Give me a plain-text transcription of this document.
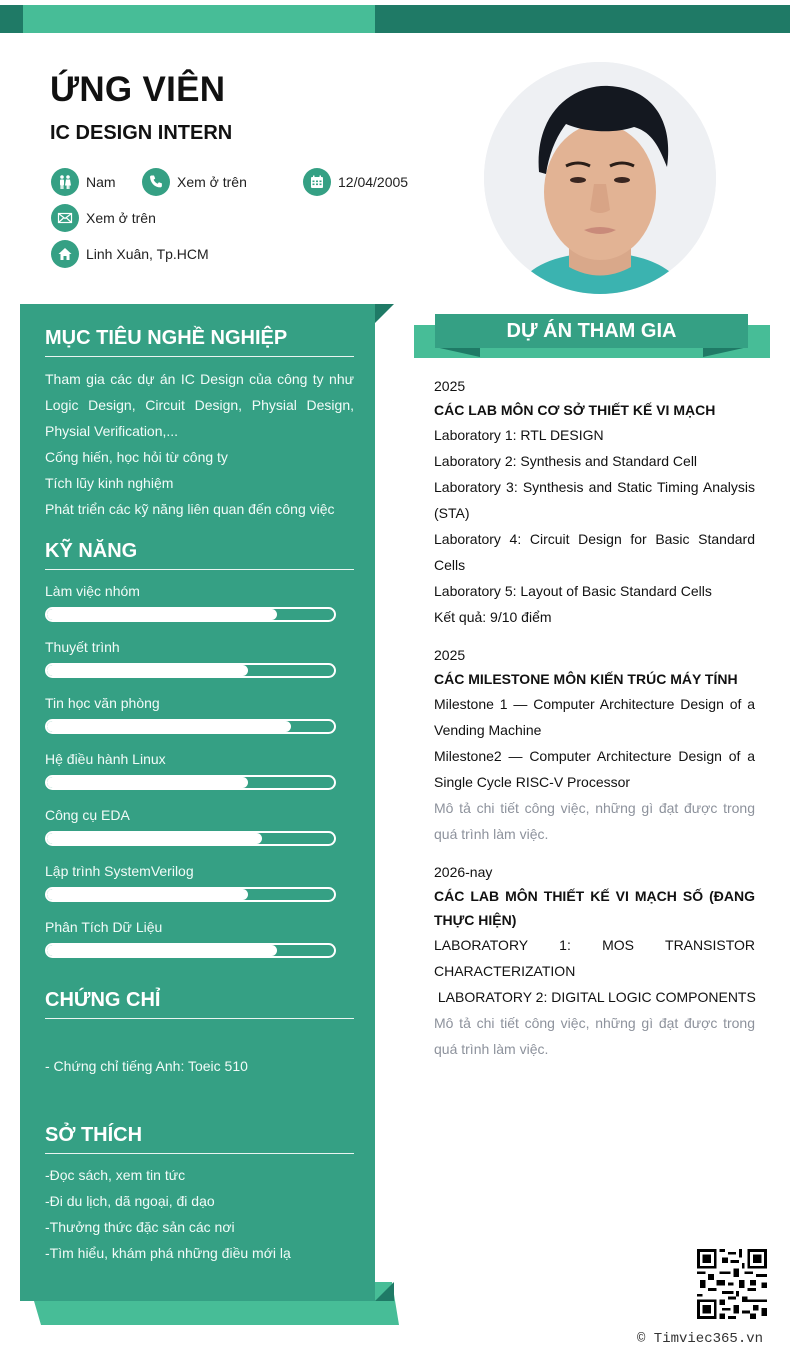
ỨNG VIÊN
IC DESIGN INTERN
Nam	Xem ở trên	12/04/2005
Xem ở trên
Linh Xuân, Tp.HCM
MỤC TIÊU NGHỀ NGHIỆP
Tham gia các dự án IC Design của công ty như Logic Design, Circuit Design, Physial Design, Physial Verification,...
Cống hiến, học hỏi từ công ty
Tích lũy kinh nghiệm
Phát triển các kỹ năng liên quan đến công việc
KỸ NĂNG
Làm việc nhóm
Thuyết trình
Tin học văn phòng
Hệ điều hành Linux
Công cụ EDA
Lập trình SystemVerilog
Phân Tích Dữ Liệu
CHỨNG CHỈ
- Chứng chỉ tiếng Anh: Toeic 510
SỞ THÍCH
-Đọc sách, xem tin tức
-Đi du lịch, dã ngoại, đi dạo
-Thưởng thức đặc sản các nơi
-Tìm hiểu, khám phá những điều mới lạ
DỰ ÁN THAM GIA
2025
CÁC LAB MÔN CƠ SỞ THIẾT KẾ VI MẠCH
Laboratory 1: RTL DESIGN
Laboratory 2: Synthesis and Standard Cell
Laboratory 3: Synthesis and Static Timing Analysis (STA)
Laboratory 4: Circuit Design for Basic Standard Cells
Laboratory 5: Layout of Basic Standard Cells
Kết quả: 9/10 điểm
2025
CÁC MILESTONE MÔN KIẾN TRÚC MÁY TÍNH
Milestone 1 — Computer Architecture Design of a Vending Machine
Milestone2 — Computer Architecture Design of a Single Cycle RISC-V Processor
Mô tả chi tiết công việc, những gì đạt được trong quá trình làm việc.
2026-nay
CÁC LAB MÔN THIẾT KẾ VI MẠCH SỐ (ĐANG THỰC HIỆN)
LABORATORY 1: MOS TRANSISTOR CHARACTERIZATION
LABORATORY 2: DIGITAL LOGIC COMPONENTS
Mô tả chi tiết công việc, những gì đạt được trong quá trình làm việc.
© Timviec365.vn
